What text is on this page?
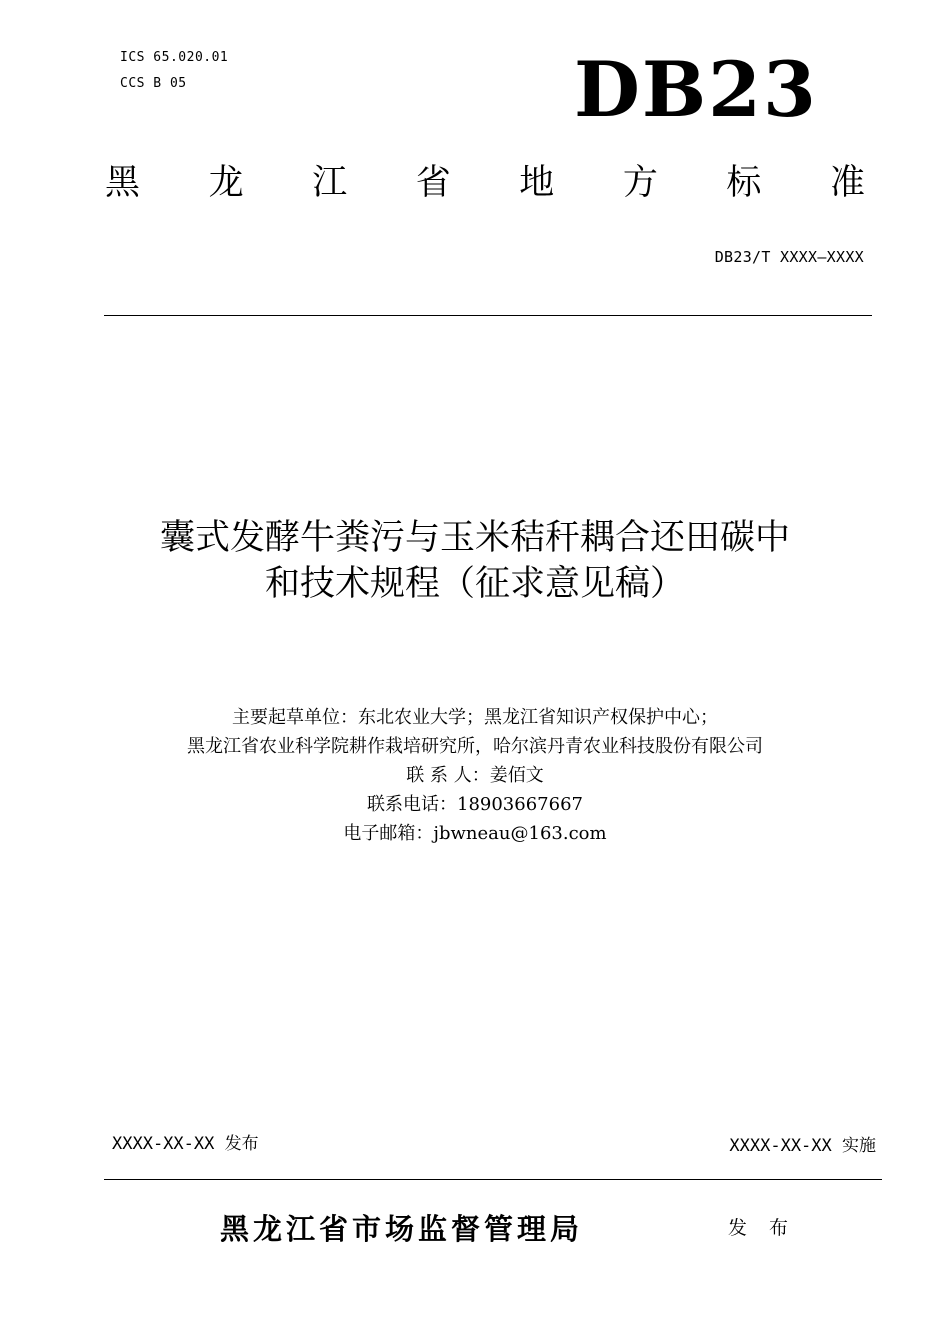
ICS 65.020.01
CCS B 05	DB23
黑 龙 江 省 地 方 标 准
DB23/T XXXX—XXXX
囊式发酵牛粪污与玉米秸秆耦合还田碳中

和技术规程（征求意见稿）
主要起草单位：东北农业大学；黑龙江省知识产权保护中心；
黑龙江省农业科学院耕作栽培研究所，哈尔滨丹青农业科技股份有限公司
联 系 人：姜佰文
联系电话：18903667667
电子邮箱：jbwneau@163.com
XXXX-XX-XX 发布	XXXX-XX-XX 实施
黑龙江省市场监督管理局	发 布
